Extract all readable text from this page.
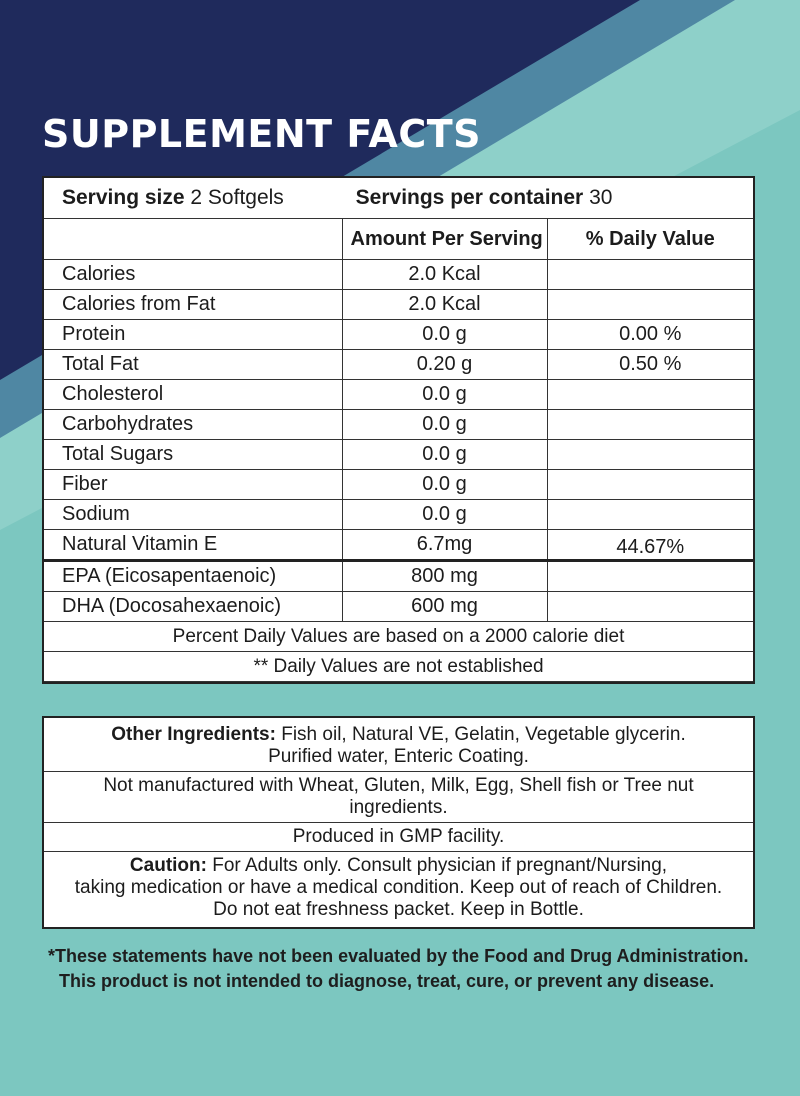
SUPPLEMENT FACTS
Serving size 2 Softgels Servings per container 30		
	Amount Per Serving	% Daily Value
Calories	2.0 Kcal	
Calories from Fat	2.0 Kcal	
Protein	0.0 g	0.00 %
Total Fat	0.20 g	0.50 %
Cholesterol	0.0 g	
Carbohydrates	0.0 g	
Total Sugars	0.0 g	
Fiber	0.0 g	
Sodium	0.0 g	
Natural Vitamin E	6.7mg	44.67%
EPA (Eicosapentaenoic)	800 mg	
DHA (Docosahexaenoic)	600 mg	
Percent Daily Values are based on a 2000 calorie diet		
** Daily Values are not established		
Other Ingredients: Fish oil, Natural VE, Gelatin, Vegetable glycerin.
Purified water, Enteric Coating.
Not manufactured with Wheat, Gluten, Milk, Egg, Shell fish or Tree nut ingredients.
Produced in GMP facility.
Caution: For Adults only. Consult physician if pregnant/Nursing,
taking medication or have a medical condition. Keep out of reach of Children.
Do not eat freshness packet. Keep in Bottle.

*These statements have not been evaluated by the Food and Drug Administration.

This product is not intended to diagnose, treat, cure, or prevent any disease.
